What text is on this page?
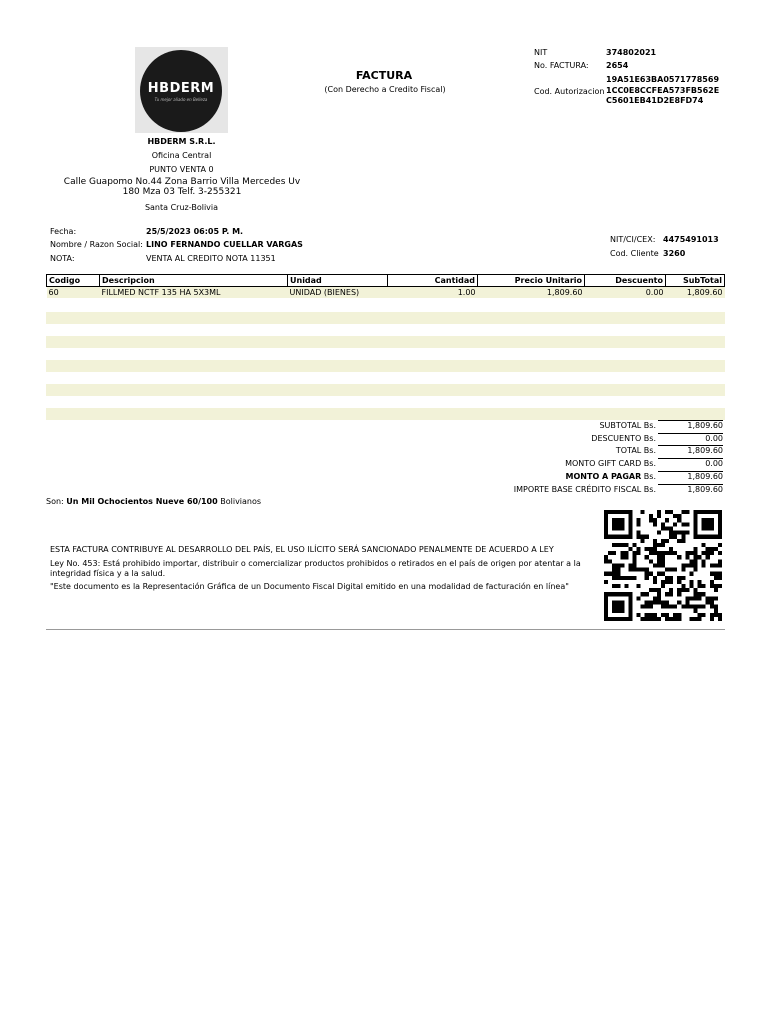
HBDERM
Tu mejor aliado en Belleza
FACTURA
(Con Derecho a Credito Fiscal)
NIT	374802021
No. FACTURA: 2654
Cod. Autorizacion
19A51E63BA0571778569
1CC0E8CCFEA573FB562E
C5601EB41D2E8FD74
HBDERM S.R.L.
Oficina Central
PUNTO VENTA 0
Calle Guapomo No.44 Zona Barrio Villa Mercedes Uv
180 Mza 03 Telf. 3-255321
Santa Cruz-Bolivia
Fecha:	25/5/2023 06:05 P. M.
Nombre / Razon Social: LINO FERNANDO CUELLAR VARGAS
NOTA:	VENTA AL CREDITO NOTA 11351
NIT/CI/CEX: 4475491013
Cod. Cliente 3260
Codigo	Descripcion	Unidad	Cantidad	Precio Unitario	Descuento	SubTotal
60	FILLMED NCTF 135 HA 5X3ML	UNIDAD (BIENES)	1.00	1,809.60	0.00	1,809.60
SUBTOTAL Bs.	1,809.60
DESCUENTO Bs.	0.00
TOTAL Bs.	1,809.60
MONTO GIFT CARD Bs.	0.00
MONTO A PAGAR Bs.	1,809.60
IMPORTE BASE CRÉDITO FISCAL Bs.	1,809.60
Son: Un Mil Ochocientos Nueve 60/100 Bolivianos
ESTA FACTURA CONTRIBUYE AL DESARROLLO DEL PAÍS, EL USO ILÍCITO SERÁ SANCIONADO PENALMENTE DE ACUERDO A LEY
Ley No. 453: Está prohibido importar, distribuir o comercializar productos prohibidos o retirados en el país de origen por atentar a la
integridad física y a la salud.
"Este documento es la Representación Gráfica de un Documento Fiscal Digital emitido en una modalidad de facturación en línea"
